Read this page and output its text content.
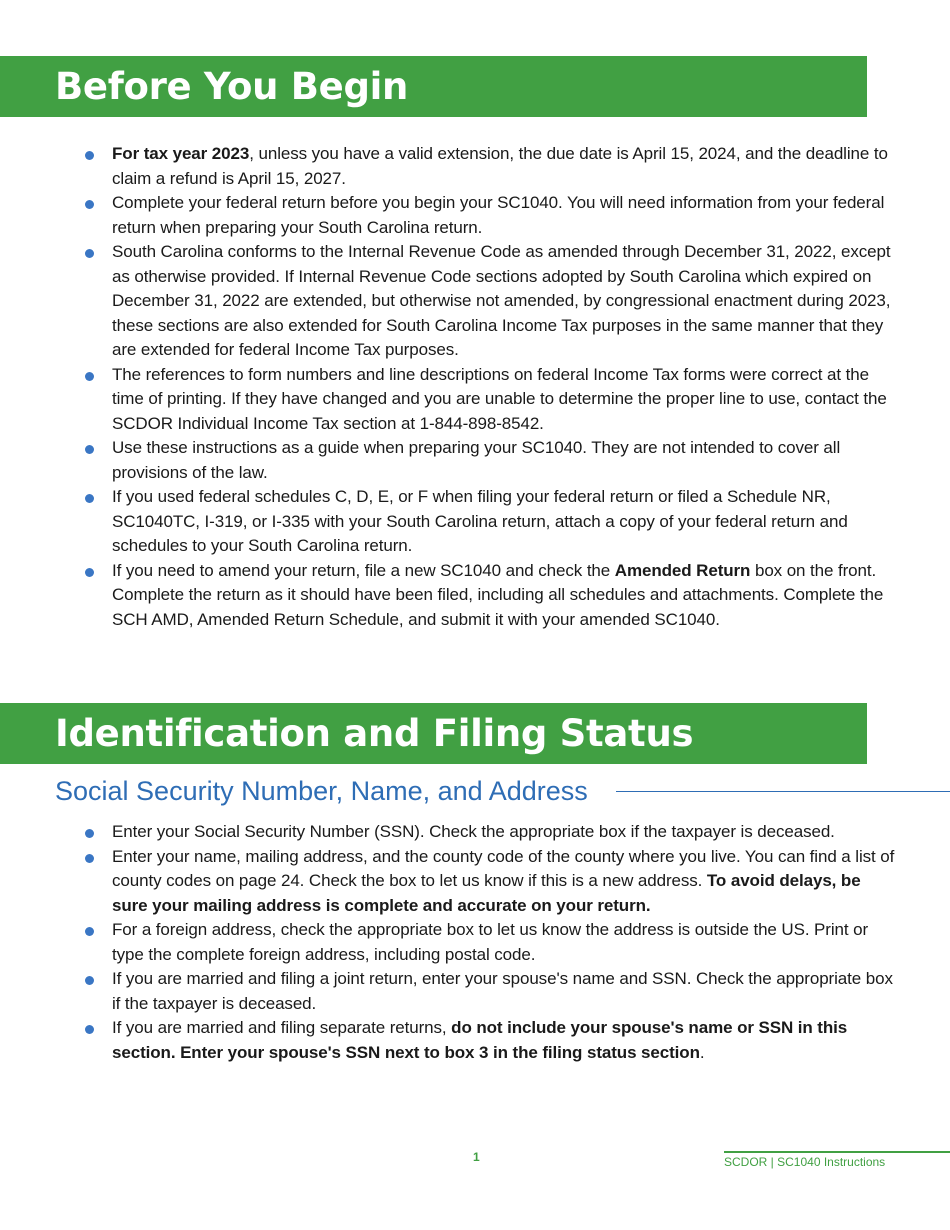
Before You Begin
For tax year 2023, unless you have a valid extension, the due date is April 15, 2024, and the deadline to claim a refund is April 15, 2027.
Complete your federal return before you begin your SC1040. You will need information from your federal return when preparing your South Carolina return.
South Carolina conforms to the Internal Revenue Code as amended through December 31, 2022, except as otherwise provided. If Internal Revenue Code sections adopted by South Carolina which expired on December 31, 2022 are extended, but otherwise not amended, by congressional enactment during 2023, these sections are also extended for South Carolina Income Tax purposes in the same manner that they are extended for federal Income Tax purposes.
The references to form numbers and line descriptions on federal Income Tax forms were correct at the time of printing. If they have changed and you are unable to determine the proper line to use, contact the SCDOR Individual Income Tax section at 1-844-898-8542.
Use these instructions as a guide when preparing your SC1040. They are not intended to cover all provisions of the law.
If you used federal schedules C, D, E, or F when filing your federal return or filed a Schedule NR, SC1040TC, I-319, or I-335 with your South Carolina return, attach a copy of your federal return and schedules to your South Carolina return.
If you need to amend your return, file a new SC1040 and check the Amended Return box on the front. Complete the return as it should have been filed, including all schedules and attachments. Complete the SCH AMD, Amended Return Schedule, and submit it with your amended SC1040.
Identification and Filing Status
Social Security Number, Name, and Address
Enter your Social Security Number (SSN). Check the appropriate box if the taxpayer is deceased.
Enter your name, mailing address, and the county code of the county where you live. You can find a list of county codes on page 24. Check the box to let us know if this is a new address. To avoid delays, be sure your mailing address is complete and accurate on your return.
For a foreign address, check the appropriate box to let us know the address is outside the US. Print or type the complete foreign address, including postal code.
If you are married and filing a joint return, enter your spouse's name and SSN. Check the appropriate box if the taxpayer is deceased.
If you are married and filing separate returns, do not include your spouse's name or SSN in this section. Enter your spouse's SSN next to box 3 in the filing status section.
1	SCDOR | SC1040 Instructions
